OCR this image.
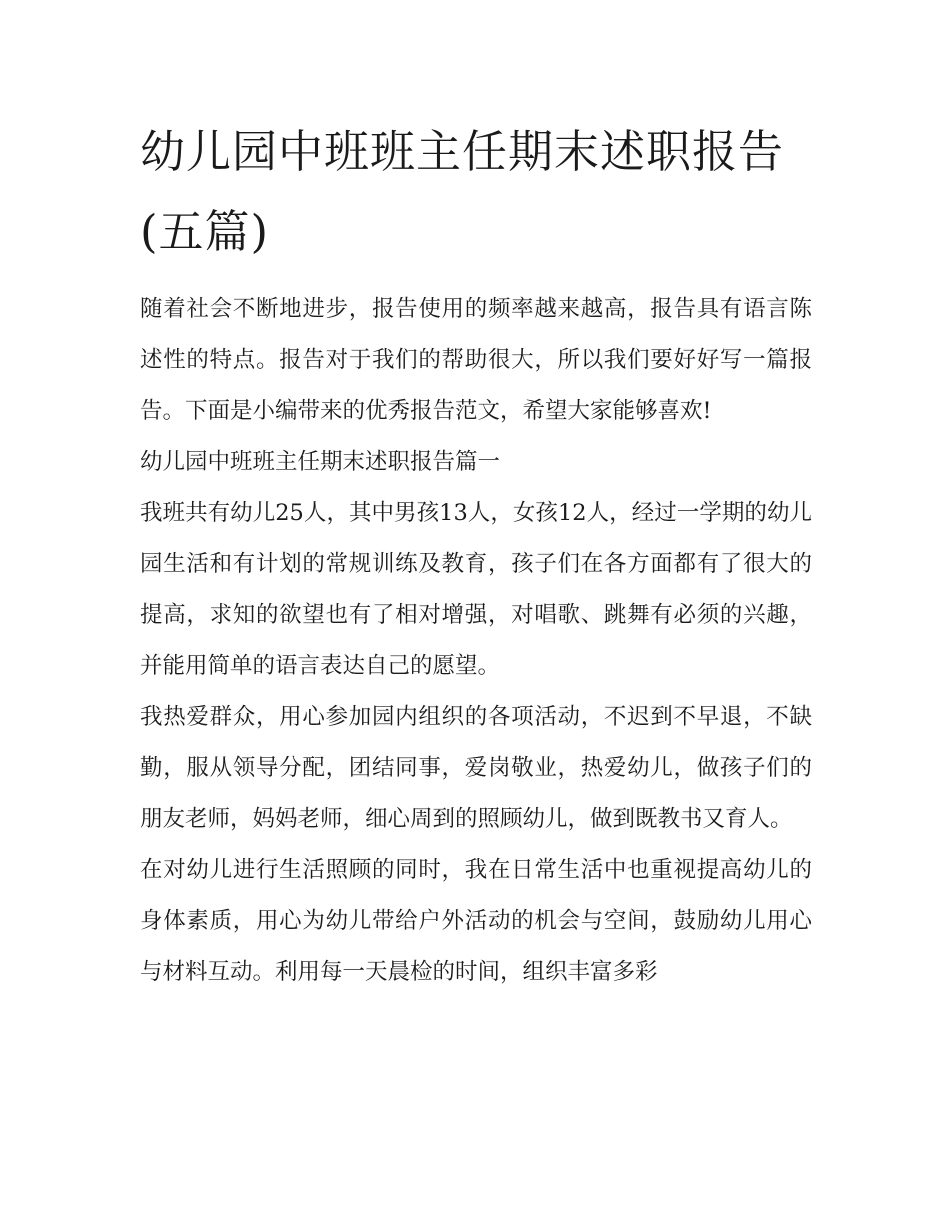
幼儿园中班班主任期末述职报告(五篇)

随着社会不断地进步，报告使用的频率越来越高，报告具有语言陈述性的特点。报告对于我们的帮助很大，所以我们要好好写一篇报告。下面是小编带来的优秀报告范文，希望大家能够喜欢!

幼儿园中班班主任期末述职报告篇一

我班共有幼儿25人，其中男孩13人，女孩12人，经过一学期的幼儿园生活和有计划的常规训练及教育，孩子们在各方面都有了很大的提高，求知的欲望也有了相对增强，对唱歌、跳舞有必须的兴趣，并能用简单的语言表达自己的愿望。

我热爱群众，用心参加园内组织的各项活动，不迟到不早退，不缺勤，服从领导分配，团结同事，爱岗敬业，热爱幼儿，做孩子们的朋友老师，妈妈老师，细心周到的照顾幼儿，做到既教书又育人。

在对幼儿进行生活照顾的同时，我在日常生活中也重视提高幼儿的身体素质，用心为幼儿带给户外活动的机会与空间，鼓励幼儿用心与材料互动。利用每一天晨检的时间，组织丰富多彩
